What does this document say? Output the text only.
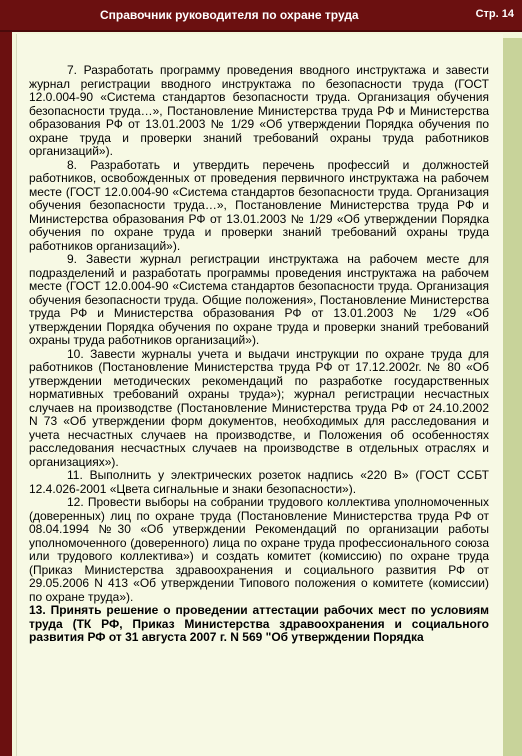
Справочник руководителя по охране труда	Стр. 14

7. Разработать программу проведения вводного инструктажа и завести журнал регистрации вводного инструктажа по безопасности труда (ГОСТ 12.0.004-90 «Система стандартов безопасности труда. Организация обучения безопасности труда…», Постановление Министерства труда РФ и Министерства образования РФ от 13.01.2003 № 1/29 «Об утверждении Порядка обучения по охране труда и проверки знаний требований охраны труда работников организаций»).

8. Разработать и утвердить перечень профессий и должностей работников, освобожденных от проведения первичного инструктажа на рабочем месте (ГОСТ 12.0.004-90 «Система стандартов безопасности труда. Организация обучения безопасности труда…», Постановление Министерства труда РФ и Министерства образования РФ от 13.01.2003 № 1/29 «Об утверждении Порядка обучения по охране труда и проверки знаний требований охраны труда работников организаций»).

9. Завести журнал регистрации инструктажа на рабочем месте для подразделений и разработать программы проведения инструктажа на рабочем месте (ГОСТ 12.0.004-90 «Система стандартов безопасности труда. Организация обучения безопасности труда. Общие положения», Постановление Министерства труда РФ и Министерства образования РФ от 13.01.2003 № 1/29 «Об утверждении Порядка обучения по охране труда и проверки знаний требований охраны труда работников организаций»).

10. Завести журналы учета и выдачи инструкции по охране труда для работников (Постановление Министерства труда РФ от 17.12.2002г. № 80 «Об утверждении методических рекомендаций по разработке государственных нормативных требований охраны труда»); журнал регистрации несчастных случаев на производстве (Постановление Министерства труда РФ от 24.10.2002 N 73 «Об утверждении форм документов, необходимых для расследования и учета несчастных случаев на производстве, и Положения об особенностях расследования несчастных случаев на производстве в отдельных отраслях и организациях»).

11. Выполнить у электрических розеток надпись «220 В» (ГОСТ ССБТ 12.4.026-2001 «Цвета сигнальные и знаки безопасности»).

12. Провести выборы на собрании трудового коллектива уполномоченных (доверенных) лиц по охране труда (Постановление Министерства труда РФ от 08.04.1994 №30 «Об утверждении Рекомендаций по организации работы уполномоченного (доверенного) лица по охране труда профессионального союза или трудового коллектива») и создать комитет (комиссию) по охране труда (Приказ Министерства здравоохранения и социального развития РФ от 29.05.2006 N 413 «Об утверждении Типового положения о комитете (комиссии) по охране труда»).

13. Принять решение о проведении аттестации рабочих мест по условиям труда (ТК РФ, Приказ Министерства здравоохранения и социального развития РФ от 31 августа 2007 г. N 569 "Об утверждении Порядка
